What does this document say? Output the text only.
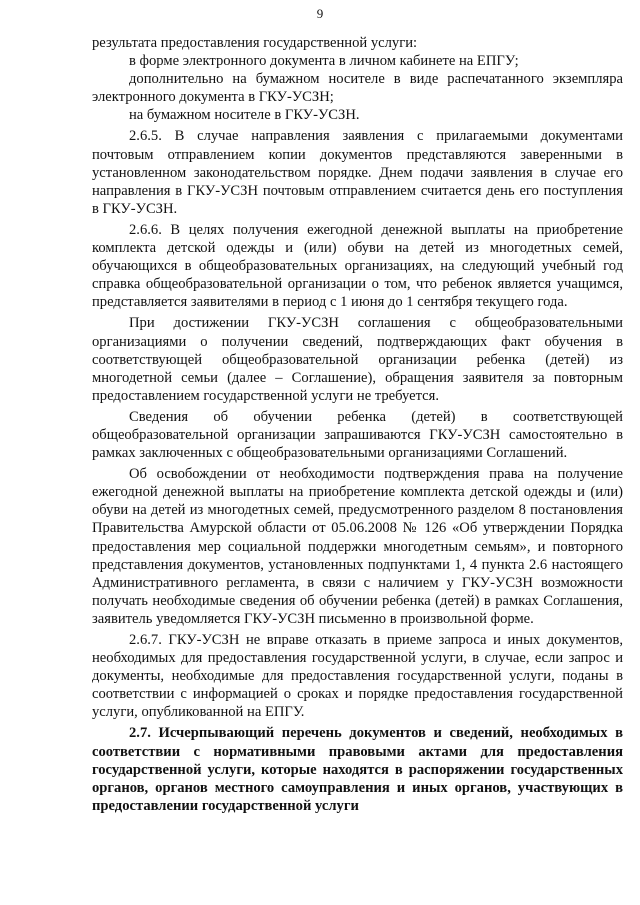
9

результата предоставления государственной услуги:

в форме электронного документа в личном кабинете на ЕПГУ;

дополнительно на бумажном носителе в виде распечатанного экземпляра электронного документа в ГКУ-УСЗН;

на бумажном носителе в ГКУ-УСЗН.

2.6.5. В случае направления заявления с прилагаемыми документами почтовым отправлением копии документов представляются заверенными в установленном законодательством порядке. Днем подачи заявления в случае его направления в ГКУ-УСЗН почтовым отправлением считается день его поступления в ГКУ-УСЗН.

2.6.6. В целях получения ежегодной денежной выплаты на приобретение комплекта детской одежды и (или) обуви на детей из многодетных семей, обучающихся в общеобразовательных организациях, на следующий учебный год справка общеобразовательной организации о том, что ребенок является учащимся, представляется заявителями в период с 1 июня до 1 сентября текущего года.

При достижении ГКУ-УСЗН соглашения с общеобразовательными организациями о получении сведений, подтверждающих факт обучения в соответствующей общеобразовательной организации ребенка (детей) из многодетной семьи (далее – Соглашение), обращения заявителя за повторным предоставлением государственной услуги не требуется.

Сведения об обучении ребенка (детей) в соответствующей общеобразовательной организации запрашиваются ГКУ-УСЗН самостоятельно в рамках заключенных с общеобразовательными организациями Соглашений.

Об освобождении от необходимости подтверждения права на получение ежегодной денежной выплаты на приобретение комплекта детской одежды и (или) обуви на детей из многодетных семей, предусмотренного разделом 8 постановления Правительства Амурской области от 05.06.2008 № 126 «Об утверждении Порядка предоставления мер социальной поддержки многодетным семьям», и повторного представления документов, установленных подпунктами 1, 4 пункта 2.6 настоящего Административного регламента, в связи с наличием у ГКУ-УСЗН возможности получать необходимые сведения об обучении ребенка (детей) в рамках Соглашения, заявитель уведомляется ГКУ-УСЗН письменно в произвольной форме.

2.6.7. ГКУ-УСЗН не вправе отказать в приеме запроса и иных документов, необходимых для предоставления государственной услуги, в случае, если запрос и документы, необходимые для предоставления государственной услуги, поданы в соответствии с информацией о сроках и порядке предоставления государственной услуги, опубликованной на ЕПГУ.

2.7. Исчерпывающий перечень документов и сведений, необходимых в соответствии с нормативными правовыми актами для предоставления государственной услуги, которые находятся в распоряжении государственных органов, органов местного самоуправления и иных органов, участвующих в предоставлении государственной услуги
